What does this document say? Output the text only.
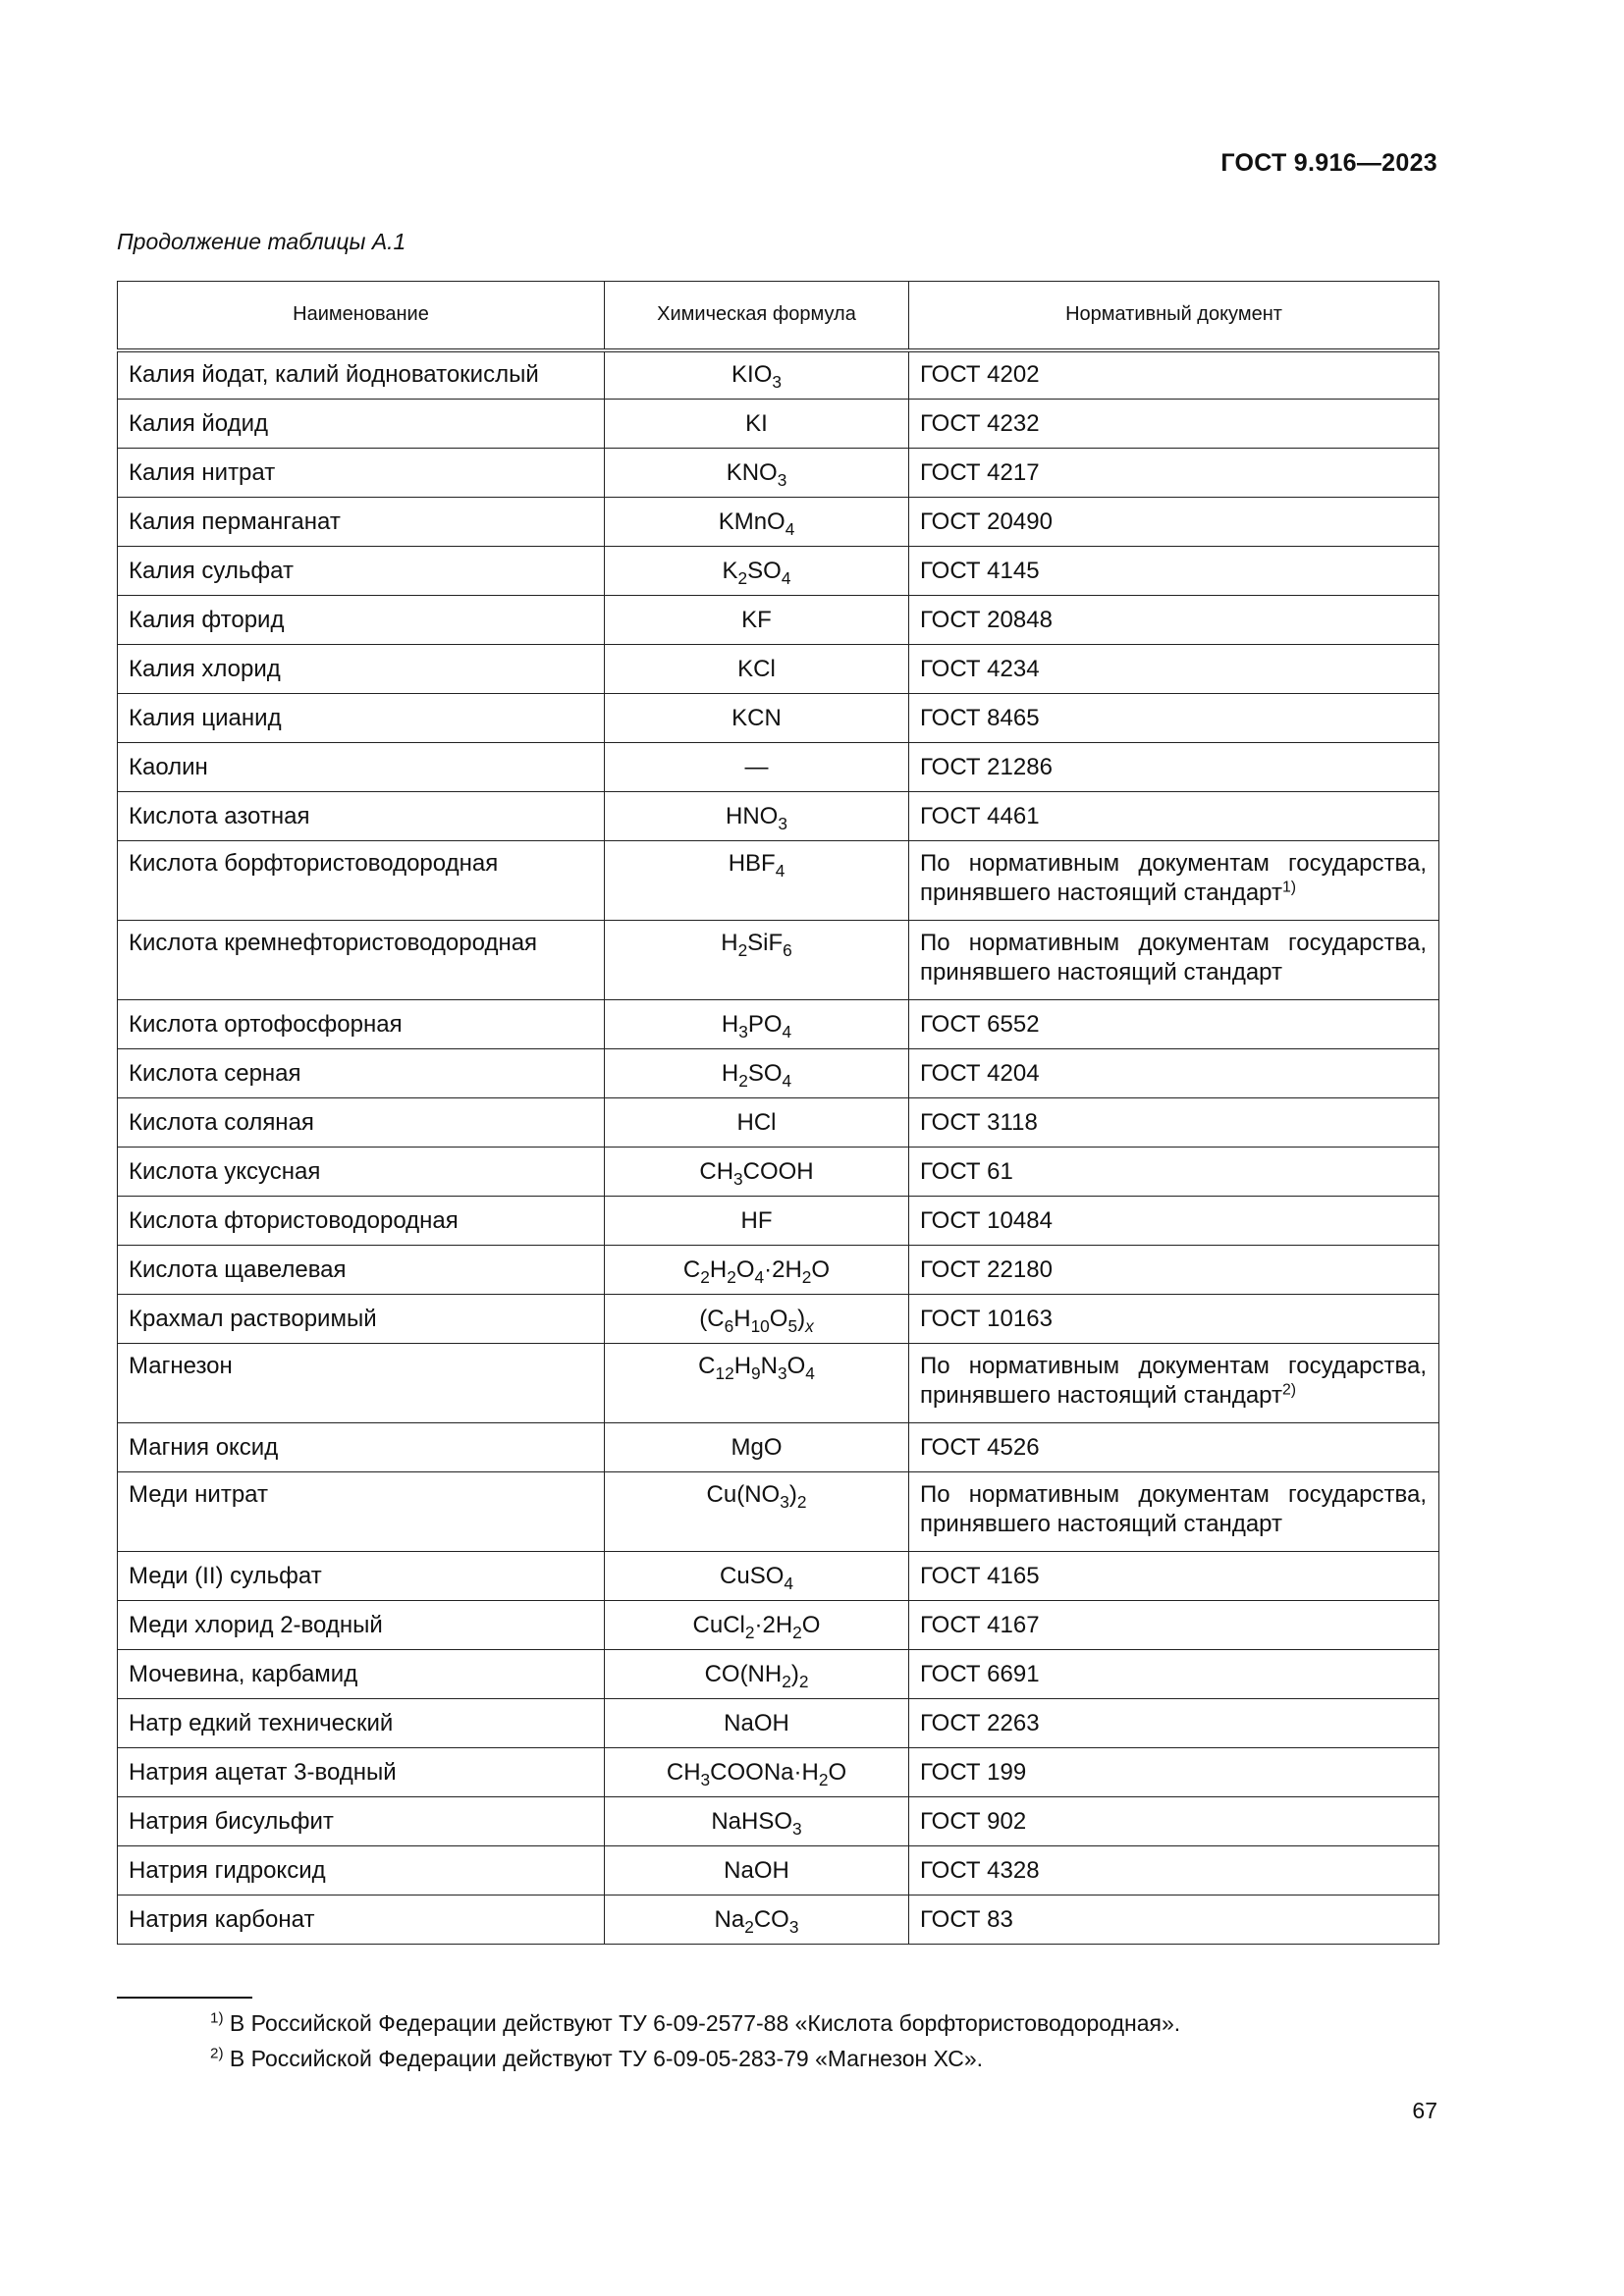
ГОСТ 9.916—2023
Продолжение таблицы А.1
Наименование	Химическая формула	Нормативный документ
Калия йодат, калий йодноватокислый	$KIO_3$	ГОСТ 4202
Калия йодид	KI	ГОСТ 4232
Калия нитрат	$KNO_3$	ГОСТ 4217
Калия перманганат	KMnO$_4$	ГОСТ 20490
Калия сульфат	$K_2SO_4$	ГОСТ 4145
Калия фторид	KF	ГОСТ 20848
Калия хлорид	KCl	ГОСТ 4234
Калия цианид	KCN	ГОСТ 8465
Каолин	—	ГОСТ 21286
Кислота азотная	$HNO_3$	ГОСТ 4461
Кислота борфтористоводородная	$HBF_4$	По нормативным документам государства, принявшего настоящий стандарт$^{1)}$
Кислота кремнефтористоводородная	$H_2SiF_6$	По нормативным документам государства, принявшего настоящий стандарт
Кислота ортофосфорная	$H_3PO_4$	ГОСТ 6552
Кислота серная	$H_2SO_4$	ГОСТ 4204
Кислота соляная	HCl	ГОСТ 3118
Кислота уксусная	$CH_3COOH$	ГОСТ 61
Кислота фтористоводородная	HF	ГОСТ 10484
Кислота щавелевая	$C_2H_2O_4\cdot 2H_2O$	ГОСТ 22180
Крахмал растворимый	$(C_6H_{10}O_5)_x$	ГОСТ 10163
Магнезон	$C_{12}H_9N_3O_4$	По нормативным документам государства, принявшего настоящий стандарт$^{2)}$
Магния оксид	MgO	ГОСТ 4526
Меди нитрат	$Cu(NO_3)_2$	По нормативным документам государства, принявшего настоящий стандарт
Меди (II) сульфат	CuSO$_4$	ГОСТ 4165
Меди хлорид 2-водный	$CuCl_2\cdot 2H_2O$	ГОСТ 4167
Мочевина, карбамид	$CO(NH_2)_2$	ГОСТ 6691
Натр едкий технический	NaOH	ГОСТ 2263
Натрия ацетат 3-водный	$CH_3COONa\cdot H_2O$	ГОСТ 199
Натрия бисульфит	NaHSO$_3$	ГОСТ 902
Натрия гидроксид	NaOH	ГОСТ 4328
Натрия карбонат	$Na_2CO_3$	ГОСТ 83
$^{1)}$ В Российской Федерации действуют ТУ 6-09-2577-88 «Кислота борфтористоводородная».
$^{2)}$ В Российской Федерации действуют ТУ 6-09-05-283-79 «Магнезон ХС».
67
